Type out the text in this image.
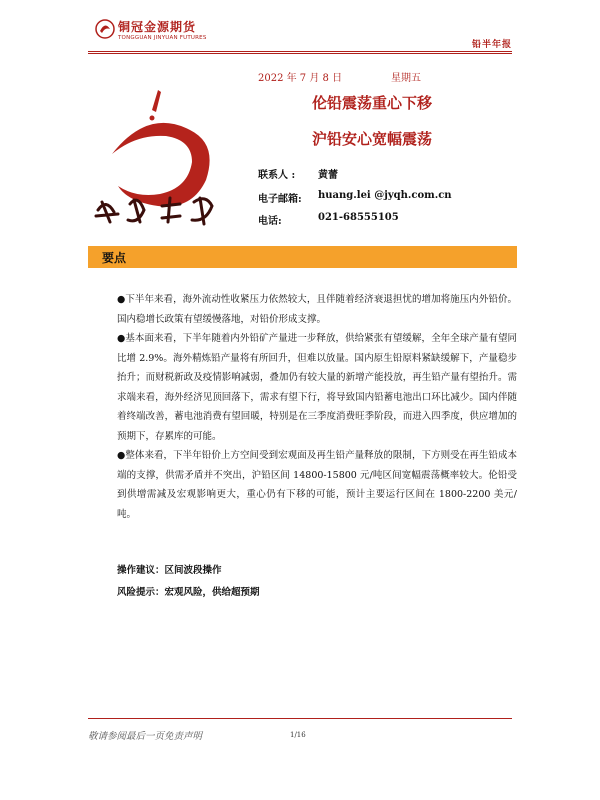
铜冠金源期货
TONGGUAN JINYUAN FUTURES
铅半年报
2022 年 7 月 8 日	星期五
伦铅震荡重心下移
沪铅安心宽幅震荡
联系人 : 黄蕾
电子邮箱: huang.lei @jyqh.com.cn
电话:	021-68555105
要点

●下半年来看，海外流动性收紧压力依然较大，且伴随着经济衰退担忧的增加将施压内外铅价。国内稳增长政策有望缓慢落地，对铅价形成支撑。

●基本面来看，下半年随着内外铅矿产量进一步释放，供给紧张有望缓解，全年全球产量有望同比增 2.9%。海外精炼铅产量将有所回升，但难以放量。国内原生铅原料紧缺缓解下，产量稳步抬升；而财税新政及疫情影响减弱，叠加仍有较大量的新增产能投放，再生铅产量有望抬升。需求端来看，海外经济见顶回落下，需求有望下行，将导致国内铅蓄电池出口环比减少。国内伴随着终端改善，蓄电池消费有望回暖，特别是在三季度消费旺季阶段，而进入四季度，供应增加的预期下，存累库的可能。

●整体来看，下半年铅价上方空间受到宏观面及再生铅产量释放的限制，下方则受在再生铅成本端的支撑，供需矛盾并不突出，沪铅区间 14800-15800 元/吨区间宽幅震荡概率较大。伦铅受到供增需减及宏观影响更大，重心仍有下移的可能，预计主要运行区间在 1800-2200 美元/吨。

操作建议：区间波段操作
风险提示：宏观风险，供给超预期
敬请参阅最后一页免责声明	1/16
